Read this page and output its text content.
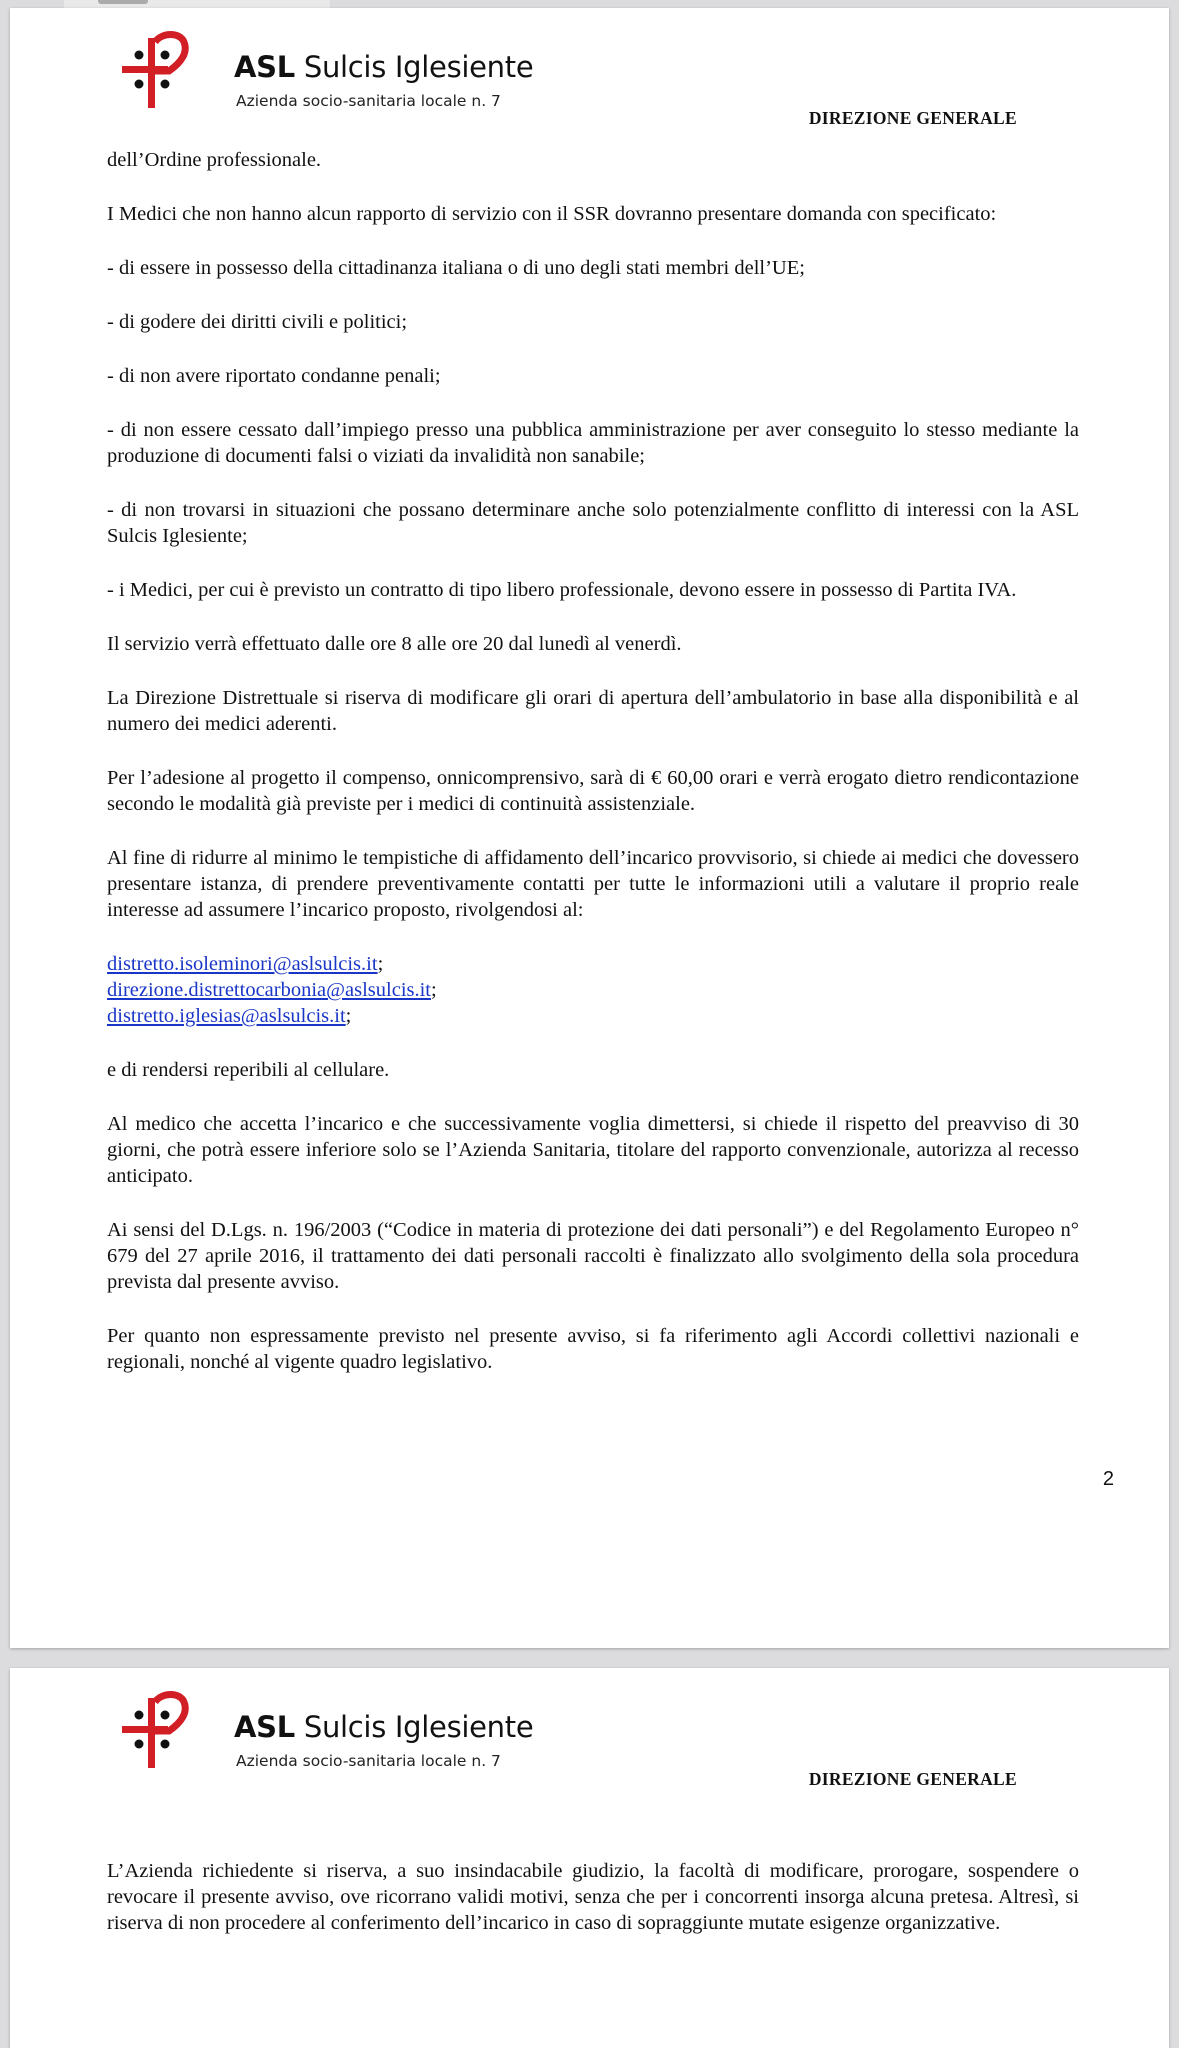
ASL Sulcis Iglesiente
Azienda socio-sanitaria locale n. 7
DIREZIONE GENERALE

dell’Ordine professionale.

I Medici che non hanno alcun rapporto di servizio con il SSR dovranno presentare domanda con specificato:

- di essere in possesso della cittadinanza italiana o di uno degli stati membri dell’UE;

- di godere dei diritti civili e politici;

- di non avere riportato condanne penali;

- di non essere cessato dall’impiego presso una pubblica amministrazione per aver conseguito lo stesso mediante la produzione di documenti falsi o viziati da invalidità non sanabile;

- di non trovarsi in situazioni che possano determinare anche solo potenzialmente conflitto di interessi con la ASL Sulcis Iglesiente;

- i Medici, per cui è previsto un contratto di tipo libero professionale, devono essere in possesso di Partita IVA.

Il servizio verrà effettuato dalle ore 8 alle ore 20 dal lunedì al venerdì.

La Direzione Distrettuale si riserva di modificare gli orari di apertura dell’ambulatorio in base alla disponibilità e al numero dei medici aderenti.

Per l’adesione al progetto il compenso, onnicomprensivo, sarà di € 60,00 orari e verrà erogato dietro rendicontazione secondo le modalità già previste per i medici di continuità assistenziale.

Al fine di ridurre al minimo le tempistiche di affidamento dell’incarico provvisorio, si chiede ai medici che dovessero presentare istanza, di prendere preventivamente contatti per tutte le informazioni utili a valutare il proprio reale interesse ad assumere l’incarico proposto, rivolgendosi al:

distretto.isoleminori@aslsulcis.it;
direzione.distrettocarbonia@aslsulcis.it;
distretto.iglesias@aslsulcis.it;

e di rendersi reperibili al cellulare.

Al medico che accetta l’incarico e che successivamente voglia dimettersi, si chiede il rispetto del preavviso di 30 giorni, che potrà essere inferiore solo se l’Azienda Sanitaria, titolare del rapporto convenzionale, autorizza al recesso anticipato.

Ai sensi del D.Lgs. n. 196/2003 (“Codice in materia di protezione dei dati personali”) e del Regolamento Europeo n° 679 del 27 aprile 2016, il trattamento dei dati personali raccolti è finalizzato allo svolgimento della sola procedura prevista dal presente avviso.

Per quanto non espressamente previsto nel presente avviso, si fa riferimento agli Accordi collettivi nazionali e regionali, nonché al vigente quadro legislativo.

2
ASL Sulcis Iglesiente
Azienda socio-sanitaria locale n. 7
DIREZIONE GENERALE

L’Azienda richiedente si riserva, a suo insindacabile giudizio, la facoltà di modificare, prorogare, sospendere o revocare il presente avviso, ove ricorrano validi motivi, senza che per i concorrenti insorga alcuna pretesa. Altresì, si riserva di non procedere al conferimento dell’incarico in caso di sopraggiunte mutate esigenze organizzative.
